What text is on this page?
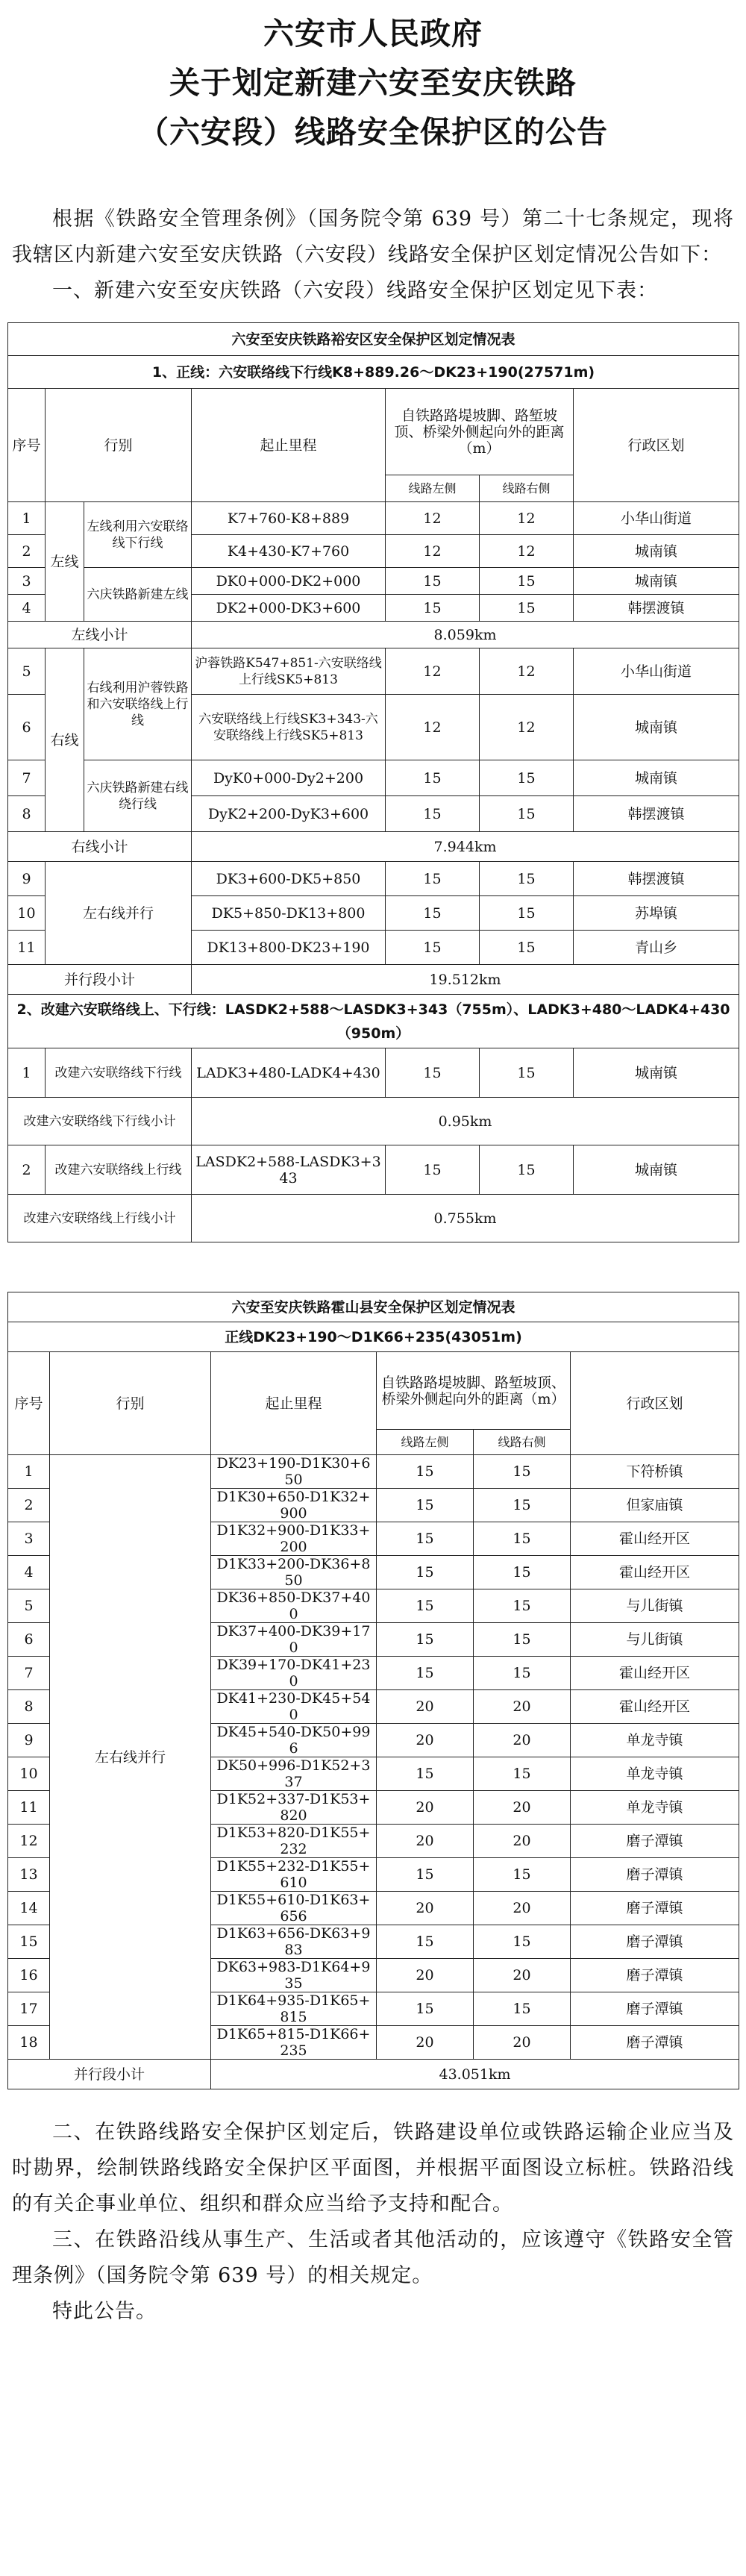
六安市人民政府
关于划定新建六安至安庆铁路
（六安段）线路安全保护区的公告

根据《铁路安全管理条例》（国务院令第 639 号）第二十七条规定，现将我辖区内新建六安至安庆铁路（六安段）线路安全保护区划定情况公告如下：

一、新建六安至安庆铁路（六安段）线路安全保护区划定见下表：

六安至安庆铁路裕安区安全保护区划定情况表						
1、正线：六安联络线下行线K8+889.26～DK23+190(27571m)						
序号	行别		起止里程	自铁路路堤坡脚、路堑坡顶、桥梁外侧起向外的距离（m）		行政区划
				线路左侧	线路右侧	
1	左线	左线利用六安联络线下行线	K7+760-K8+889	12	12	小华山街道
2			K4+430-K7+760	12	12	城南镇
3		六庆铁路新建左线	DK0+000-DK2+000	15	15	城南镇
4			DK2+000-DK3+600	15	15	韩摆渡镇
左线小计			8.059km			
5	右线	右线利用沪蓉铁路和六安联络线上行线	沪蓉铁路K547+851-六安联络线上行线SK5+813	12	12	小华山街道
6			六安联络线上行线SK3+343-六安联络线上行线SK5+813	12	12	城南镇
7		六庆铁路新建右线绕行线	DyK0+000-Dy2+200	15	15	城南镇
8			DyK2+200-DyK3+600	15	15	韩摆渡镇
右线小计			7.944km			
9	左右线并行		DK3+600-DK5+850	15	15	韩摆渡镇
10			DK5+850-DK13+800	15	15	苏埠镇
11			DK13+800-DK23+190	15	15	青山乡
并行段小计			19.512km			
2、改建六安联络线上、下行线：LASDK2+588～LASDK3+343（755m）、LADK3+480～LADK4+430（950m）						
1	改建六安联络线下行线		LADK3+480-LADK4+430	15	15	城南镇
改建六安联络线下行线小计			0.95km			
2	改建六安联络线上行线		LASDK2+588-LASDK3+343	15	15	城南镇
改建六安联络线上行线小计			0.755km			
六安至安庆铁路霍山县安全保护区划定情况表					
正线DK23+190～D1K66+235(43051m)					
序号	行别	起止里程	自铁路路堤坡脚、路堑坡顶、桥梁外侧起向外的距离（m）		行政区划
			线路左侧	线路右侧	
1	左右线并行	DK23+190-D1K30+650	15	15	下符桥镇
2		D1K30+650-D1K32+900	15	15	但家庙镇
3		D1K32+900-D1K33+200	15	15	霍山经开区
4		D1K33+200-DK36+850	15	15	霍山经开区
5		DK36+850-DK37+400	15	15	与儿街镇
6		DK37+400-DK39+170	15	15	与儿街镇
7		DK39+170-DK41+230	15	15	霍山经开区
8		DK41+230-DK45+540	20	20	霍山经开区
9		DK45+540-DK50+996	20	20	单龙寺镇
10		DK50+996-D1K52+337	15	15	单龙寺镇
11		D1K52+337-D1K53+820	20	20	单龙寺镇
12		D1K53+820-D1K55+232	20	20	磨子潭镇
13		D1K55+232-D1K55+610	15	15	磨子潭镇
14		D1K55+610-D1K63+656	20	20	磨子潭镇
15		D1K63+656-DK63+983	15	15	磨子潭镇
16		DK63+983-D1K64+935	20	20	磨子潭镇
17		D1K64+935-D1K65+815	15	15	磨子潭镇
18		D1K65+815-D1K66+235	20	20	磨子潭镇
并行段小计		43.051km			

二、在铁路线路安全保护区划定后，铁路建设单位或铁路运输企业应当及时勘界，绘制铁路线路安全保护区平面图，并根据平面图设立标桩。铁路沿线的有关企事业单位、组织和群众应当给予支持和配合。

三、在铁路沿线从事生产、生活或者其他活动的，应该遵守《铁路安全管理条例》（国务院令第 639 号）的相关规定。

特此公告。
